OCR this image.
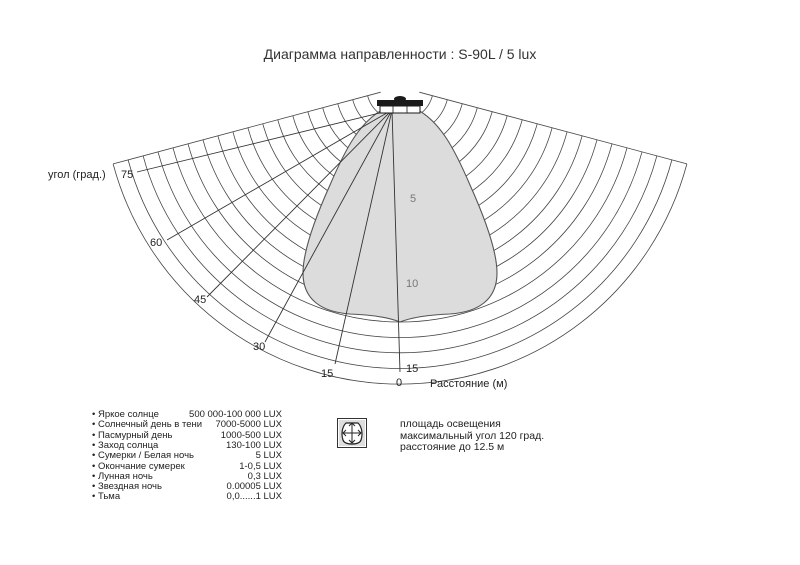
Диаграмма направленности : S-90L / 5 lux
угол (град.) 75
60
45
30
15
0
5
10
15
Расстояние (м)
• Яркое солнце	500 000-100 000 LUX
• Солнечный день в тени 7000-5000 LUX
• Пасмурный день	1000-500 LUX
• Заход солнца	130-100 LUX
• Сумерки / Белая ночь	5 LUX
• Окончание сумерек	1-0,5 LUX
• Лунная ночь	0,3 LUX
• Звездная ночь	0.00005 LUX
• Тьма	0,0......1 LUX
площадь освещения
максимальный угол 120 град.
расстояние до 12.5 м
